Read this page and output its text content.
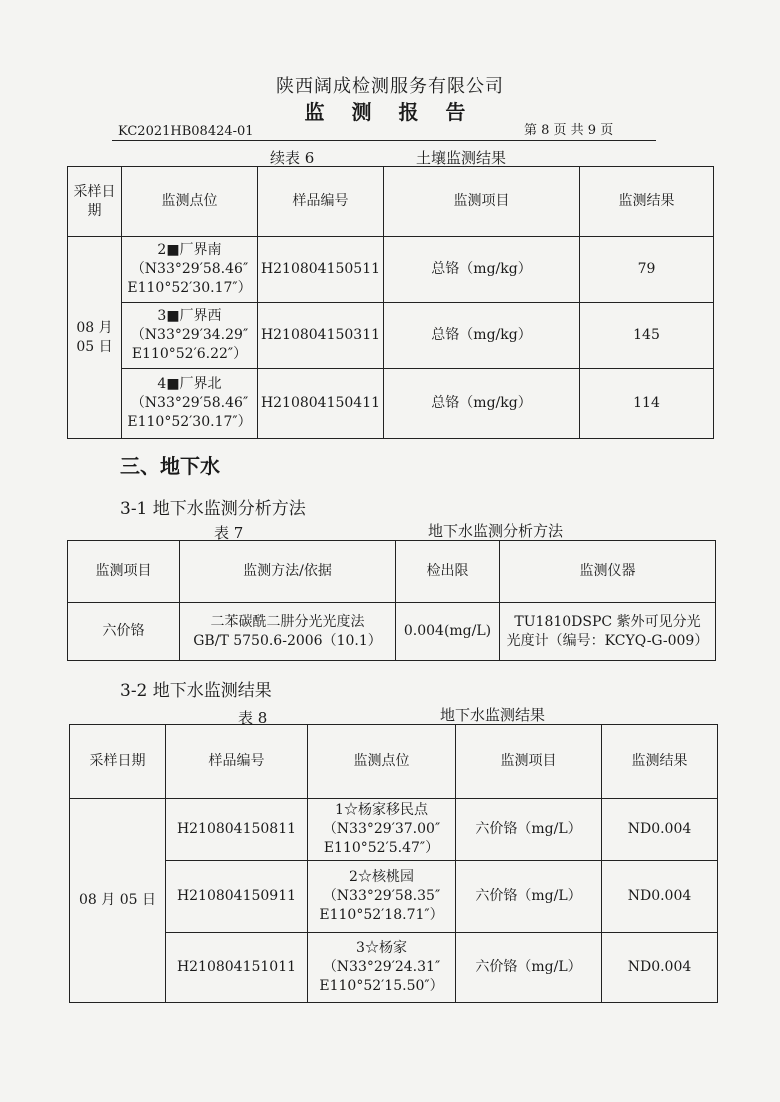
陕西阔成检测服务有限公司
监 测 报 告
KC2021HB08424-01	第 8 页 共 9 页
续表 6	土壤监测结果
采样日期	监测点位	样品编号	监测项目	监测结果
08 月 05 日	2■厂界南
（N33°29′58.46″
E110°52′30.17″）	H210804150511	总铬（mg/kg）	79

	3■厂界西
（N33°29′34.29″
E110°52′6.22″）	H210804150311	总铬（mg/kg）	145

	4■厂界北
（N33°29′58.46″
E110°52′30.17″）	H210804150411	总铬（mg/kg）	114
三、地下水
3-1 地下水监测分析方法
表 7	地下水监测分析方法
监测项目	监测方法/依据	检出限	监测仪器
六价铬	二苯碳酰二肼分光光度法
GB/T 5750.6-2006（10.1）	0.004(mg/L)	TU1810DSPC 紫外可见分光
光度计（编号：KCYQ-G-009）
3-2 地下水监测结果
表 8	地下水监测结果
采样日期	样品编号	监测点位	监测项目	监测结果
08 月 05 日	H210804150811	1☆杨家移民点
（N33°29′37.00″
E110°52′5.47″）	六价铬（mg/L）	ND0.004
	H210804150911	2☆核桃园
（N33°29′58.35″
E110°52′18.71″）	六价铬（mg/L）	ND0.004
	H210804151011	3☆杨家
（N33°29′24.31″
E110°52′15.50″）	六价铬（mg/L）	ND0.004
